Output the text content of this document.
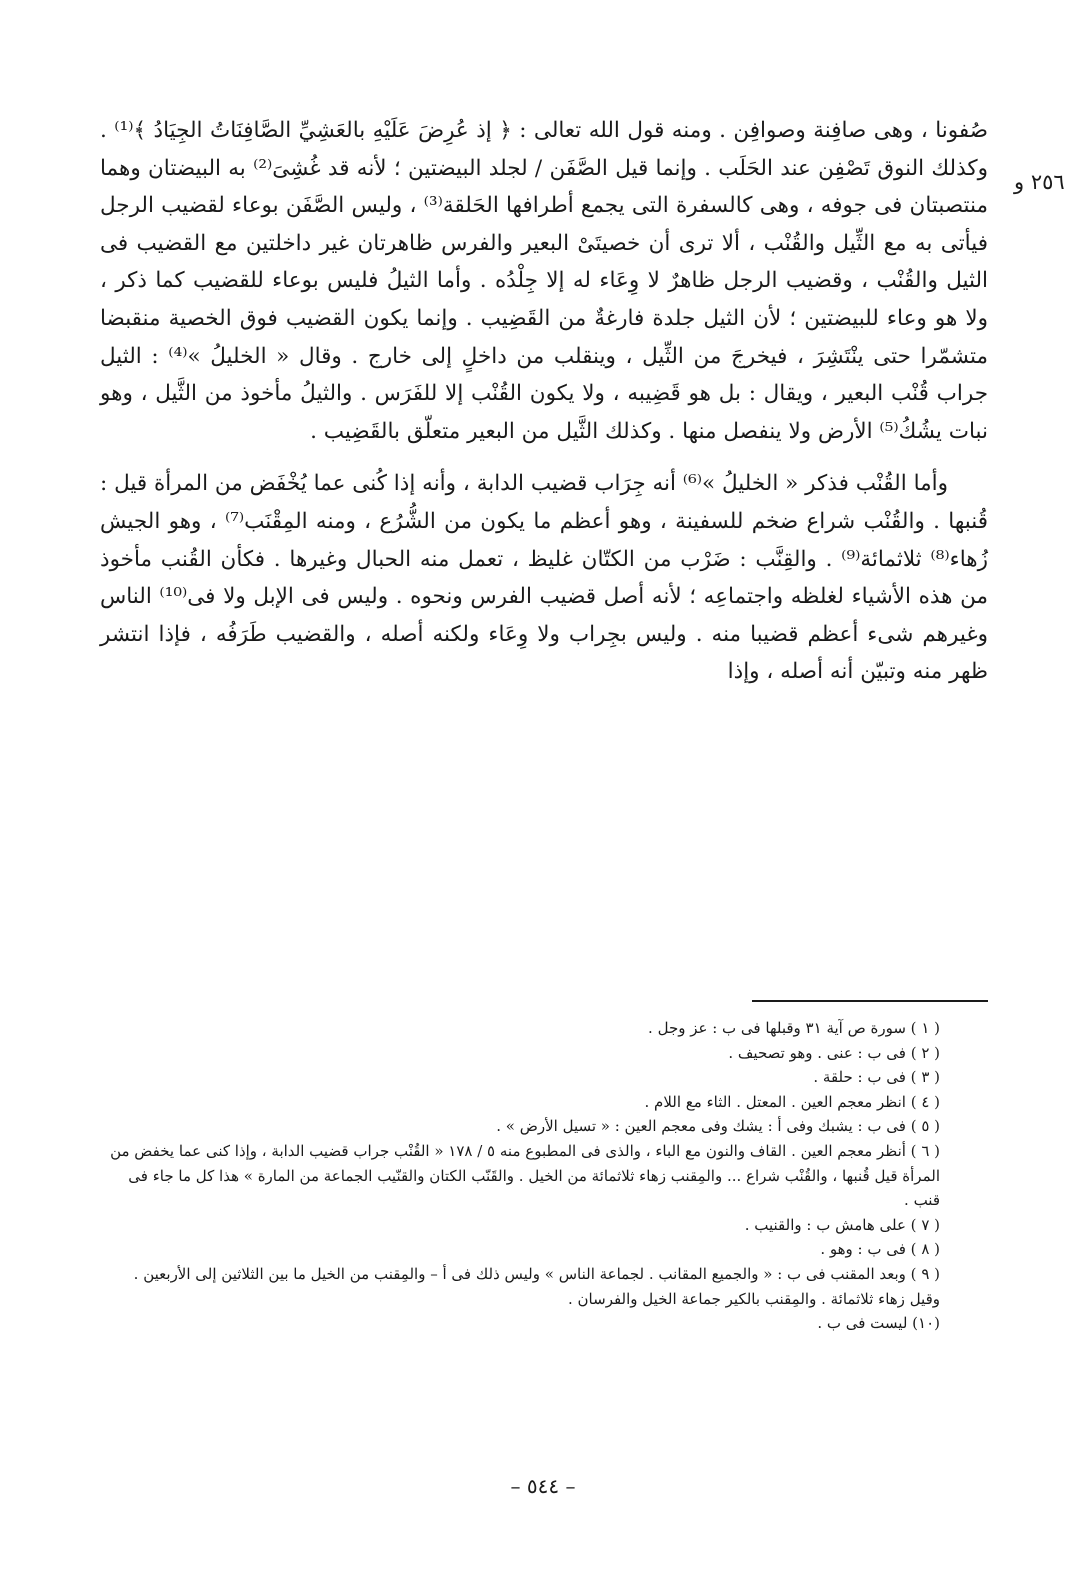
٢٥٦ و

صُفونا ، وهى صافِنة وصوافِن . ومنه قول الله تعالى : ﴿ إذ عُرِضَ عَلَيْهِ بالعَشِيِّ الصَّافِنَاتُ الجِيَادُ ﴾⁽¹⁾ . وكذلك النوق تَصْفِن عند الحَلَب . وإنما قيل الصَّفَن / لجلد البيضتين ؛ لأنه قد غُشِىَ⁽²⁾ به البيضتان وهما منتصبتان فى جوفه ، وهى كالسفرة التى يجمع أطرافها الحَلقة⁽³⁾ ، وليس الصَّفَن بوعاء لقضيب الرجل فيأتى به مع الثِّيل والقُنْب ، ألا ترى أن خصيتَىْ البعير والفرس ظاهرتان غير داخلتين مع القضيب فى الثيل والقُنْب ، وقضيب الرجل ظاهرٌ لا وِعَاء له إلا جِلْدُه . وأما الثيلُ فليس بوعاء للقضيب كما ذكر ، ولا هو وعاء للبيضتين ؛ لأن الثيل جلدة فارغةٌ من القَضِيب . وإنما يكون القضيب فوق الخصية منقبضا متشمّرا حتى ينْتَشِرَ ، فيخرجَ من الثِّيل ، وينقلب من داخلٍ إلى خارج . وقال « الخليلُ »⁽⁴⁾ : الثيل جراب قُنْب البعير ، ويقال : بل هو قَضِيبه ، ولا يكون القُنْب إلا للفَرَس . والثيلُ مأخوذ من الثَّيل ، وهو نبات يشُكُ⁽⁵⁾ الأرض ولا ينفصل منها . وكذلك الثَّيل من البعير متعلّق بالقَضِيب .

وأما القُنْب فذكر « الخليلُ »⁽⁶⁾ أنه جِرَاب قضيب الدابة ، وأنه إذا كُنى عما يُخْفَض من المرأة قيل : قُنبها . والقُنْب شراع ضخم للسفينة ، وهو أعظم ما يكون من الشُّرُع ، ومنه المِقْنَب⁽⁷⁾ ، وهو الجيش زُهاء⁽⁸⁾ ثلاثمائة⁽⁹⁾ . والقِنَّب : ضَرْب من الكتّان غليظ ، تعمل منه الحبال وغيرها . فكأن القُنب مأخوذ من هذه الأشياء لغلظه واجتماعِه ؛ لأنه أصل قضيب الفرس ونحوه . وليس فى الإبل ولا فى⁽¹⁰⁾ الناس وغيرهم شىء أعظم قضيبا منه . وليس بجِراب ولا وِعَاء ولكنه أصله ، والقضيب طَرَفُه ، فإذا انتشر ظهر منه وتبيّن أنه أصله ، وإذا

( ١ ) سورة ص آية ٣١ وقبلها فى ب : عز وجل .

( ٢ ) فى ب : عنى . وهو تصحيف .

( ٣ ) فى ب : حلقة .

( ٤ ) انظر معجم العين . المعتل . الثاء مع اللام .

( ٥ ) فى ب : يشبك وفى أ : يشك وفى معجم العين : « تسيل الأرض » .

( ٦ ) أنظر معجم العين . القاف والنون مع الباء ، والذى فى المطبوع منه ٥ / ١٧٨ « القُنْب جراب قضيب الدابة ، وإذا كنى عما يخفض من المرأة قيل قُنبها ، والقُنْب شراع ... والمِقنب زهاء ثلاثمائة من الخيل . والقَنّب الكتان والقنّيب الجماعة من المارة » هذا كل ما جاء فى قنب .

( ٧ ) على هامش ب : والقنيب .

( ٨ ) فى ب : وهو .

( ٩ ) وبعد المقنب فى ب : « والجميع المقانب . لجماعة الناس » وليس ذلك فى أ – والمِقنب من الخيل ما بين الثلاثين إلى الأربعين . وقيل زهاء ثلاثمائة . والمِقنب بالكير جماعة الخيل والفرسان .

(١٠) ليست فى ب .

– ٥٤٤ –
